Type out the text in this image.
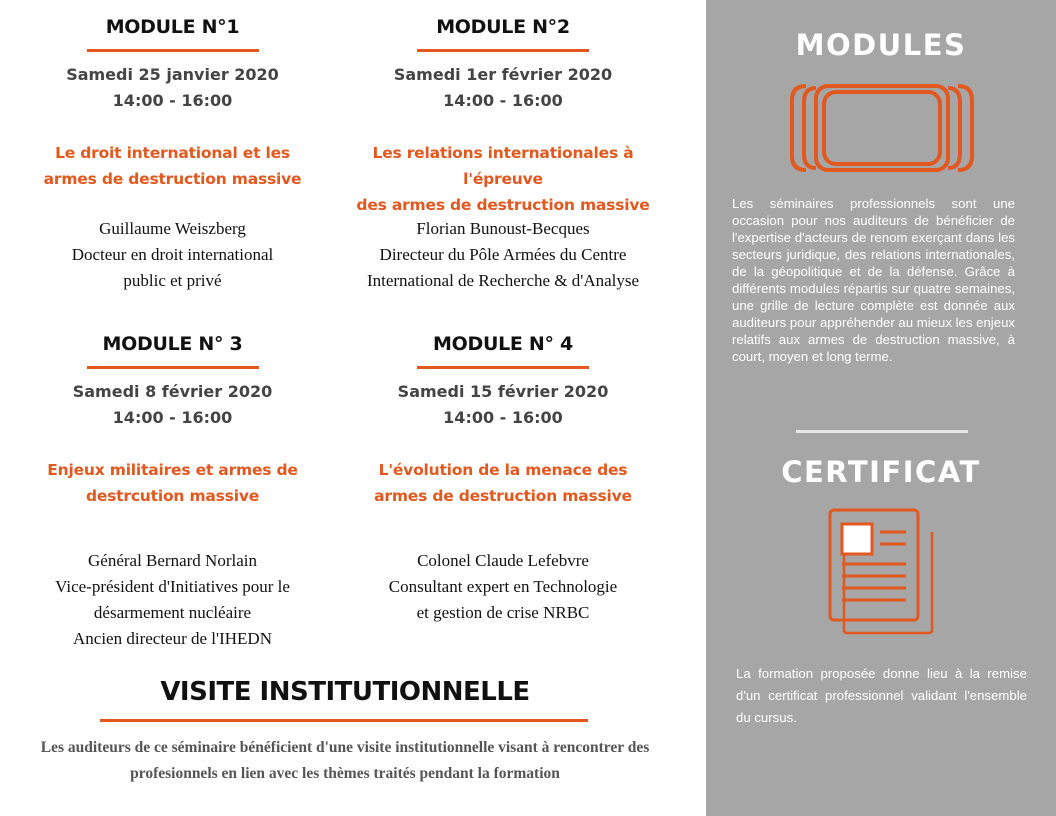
MODULE N°1
Samedi 25 janvier 2020
14:00 - 16:00
Le droit international et les
armes de destruction massive
Guillaume Weiszberg
Docteur en droit international
public et privé
MODULE N°2
Samedi 1er février 2020
14:00 - 16:00
Les relations internationales à l'épreuve
des armes de destruction massive
Florian Bunoust-Becques
Directeur du Pôle Armées du Centre
International de Recherche & d'Analyse
MODULE N° 3
Samedi 8 février 2020
14:00 - 16:00
Enjeux militaires et armes de
destrcution massive
Général Bernard Norlain
Vice-président d'Initiatives pour le
désarmement nucléaire
Ancien directeur de l'IHEDN
MODULE N° 4
Samedi 15 février 2020
14:00 - 16:00
L'évolution de la menace des
armes de destruction massive
Colonel Claude Lefebvre
Consultant expert en Technologie
et gestion de crise NRBC
VISITE INSTITUTIONNELLE
Les auditeurs de ce séminaire bénéficient d'une visite institutionnelle visant à rencontrer des profesionnels en lien avec les thèmes traités pendant la formation
MODULES
Les séminaires professionnels sont une occasion pour nos auditeurs de bénéficier de l'expertise d'acteurs de renom exerçant dans les secteurs juridique, des relations internationales, de la géopolitique et de la défense. Grâce à différents modules répartis sur quatre semaines, une grille de lecture complète est donnée aux auditeurs pour appréhender au mieux les enjeux relatifs aux armes de destruction massive, à court, moyen et long terme.
CERTIFICAT
La formation proposée donne lieu à la remise d'un certificat professionnel validant l'ensemble du cursus.
